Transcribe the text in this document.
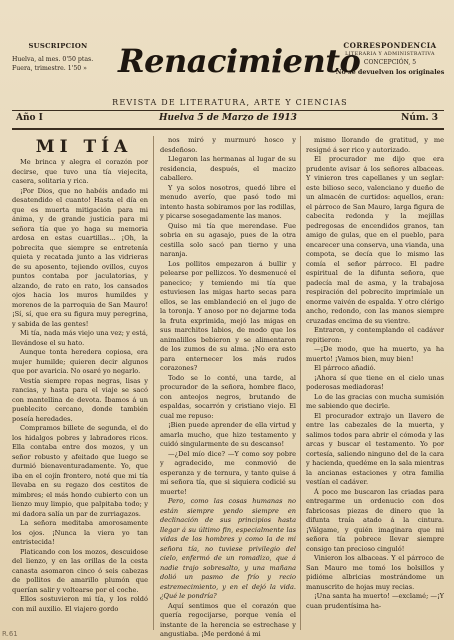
SUSCRIPCION
Huelva, al mes. 0'50 ptas.
Fuera, trimestre. 1'50 » Renacimiento
CORRESPONDENCIA
LITERARIA Y ADMINISTRATIVA
CONCEPCIÓN, 5
No se devuelven los originales
REVISTA DE LITERATURA, ARTE Y CIENCIAS
Año I	Huelva 5 de Marzo de 1913	Núm. 3

MI TÍA

Me brinca y alegra el corazón por decirse, que tuvo una tía viejecita, casera, solitaria y rica.

¡Por Dios, que no habéis andado mi desatendido el cuanto! Hasta el día en que es muerta mitigación para mi ánima, y de grande justicia para mi señora tía que yo haga su memoria ardosa en estas cuartillas... ¡Oh, la pobrecita que siempre se entretenía quieta y recatada junto a las vidrieras de su aposento, tejiendo ovillos, cuyos puntos contaba por jaculatorias, y alzando, de rato en rato, los cansados ojos hacia los muros humildes y morenos de la parroquia de San Mauro! ¡Sí, sí, que era su figura muy peregrina, y sabida de las gentes!

Mi tía, nada más viejo una vez; y está, llevándose el su hato.

Aunque tonta heredera copiosa, era mujer humilde; quieren decir algunos que por avaricia. No osaré yo negarlo.

Vestía siempre ropas negras, lisas y rancias, y hasta para el viaje se sacó con mantellina de devota. Íbamos á un pueblecito cercano, donde también poseía heredades.

Compramos billete de segunda, el do los hidalgos pobres y labradores ricos. Ella contaba entre dos mozos, y un señor robusto y afeitado que luego se durmió bienaventuradamente. Yo, que iba en el cojín frontero, noté que mi tía llevaba en su regazo dos cestitos de mimbres; el más hondo cubierto con un lienzo muy limpio, que palpitaba todo; y mi dadora salía un par de zurriagazos.

La señora meditaba amorosamente los ojos. ¡Nunca la viera yo tan entristecida!

Platicando con los mozos, descuidose del lienzo, y en las orillas de la cesta canasta asomaron cinco ó seis cabezas de pollitos de amarillo plumón que querían salir y voltearse por el coche.

Ellos sostuvieron mi tía, y los roldó con mil auxilio. El viajero gordo

nos miró y murmuró hosco y desdeñoso.

Llegaron las hermanas al lugar de su residencia, después, el macizo caballero.

Y ya solos nosotros, quedó libre el menudo averío, que pasó todo mi intento hasta sobiramos por las rodillas, y picarse sosegadamente las manos.

Quiso mi tía que merendase. Fue sobria en su agasajo, pues de la otra cestilla solo sacó pan tierno y una naranja.

Los pollitos empezaron á bullir y pelearse por pellizcos. Yo desmenucé el panecico; y temiendo mi tía que estuviesen las migas harto secas para ellos, se las emblandeció en el jugo de la toronja. Y anoso por no dejarme toda la fruta exprimida, mejó las migas en sus marchitos labios, de modo que los animalillos bebieron y se alimentaron de los zumos de su alma. ¡No era esto para enternecer los más rudos corazones?

Todo se lo conté, una tarde, al procurador de la señora, hombre flaco, con anteojos negros, brutando de espaldas, socarrón y cristiano viejo. El cual me repuso:

¡Bien puede aprender de ella virtud y amarla mucho, que hizo testamento y cuidó singularmente de su descanso!

—¿Del mío dice? —Y como soy pobre y agradecido, me conmovió de esperanza y de ternura, y tanto quise á mi señora tía, que si siquiera codicié su muerte!

Pero, como las cosas humanas no están siempre yendo siempre en declinación de sus principios hasta llegar á su último fin, especialmente las vidas de los hombres y como la de mi señora tía, no tuviese privilegio del cielo, enfermó de un romadizo, que á nadie trajo sobresalto, y una mañana dolió un pasmo de frío y recio estremecimiento, y en el dejó la vida. ¿Qué le pondría?

Aquí sentimos que el corazón que quería regocijarse, porque venía el instante de la herencia se estrechase y angustiaba. ¡Me perdoné á mi

mismo llorando de gratitud, y me resigné á ser rico y autorizado.

El procurador me dijo que era prudente avisar á los señores albaceas. Y vinieron tres capellanes y un seglar: este bilioso seco, valenciano y dueño de un almacén de curtidos: aquellos, eran: el párroco de San Mauro, larga figura de cabecita redonda y la mejillas pedregosas de encendidos granos, tan amigo de gulas, que en el pueblo, para encarecer una conserva, una vianda, una compota, se decía que lo mismo las comía el señor párroco. El padre espiritual de la difunta señora, que padecía mal de asma, y la trabajosa respiración del pobrecito imprimíale un enorme vaivén de espalda. Y otro clérigo ancho, redondo, con las manos siempre cruzadas encima de su vientre.

Entraron, y contemplando el cadáver repitieron:

—¡De modo, que ha muerto, ya ha muerto! ¡Vamos bien, muy bien!

El párroco añadió.

¡Ahora sí que tiene en el cielo unas poderosas mediadoras!

Lo de las gracias con mucha sumisión me sabiendo que decirle.

El procurador extrajo un llavero de entre las cabezales de la muerta, y salimos todos para abrir el cómoda y las arcas y buscar el testamento. Yo por cortesía, saliendo ninguno del de la cara y hacienda, quedéme en la sala mientras la ancianas estaciones y otra familia vestían el cadáver.

Á poco me buscaron las criadas para entregarme un ordenucio con dos fabricosas piezas de dinero que la difunta traía atado á la cintura. ¡Válgame, y quién imaginara que mi señora tía pobrece llevar siempre consigo tan precioso cinguló!

Vinieron los albaceas. Y el párroco de San Mauro me tomó los bolsillos y pidióme albricias mostrándome un manuscrito de hojas muy recias.

¡Una santa ha muerto! —exclamé; —¡Y cuan prudentísima ha-

R.61
